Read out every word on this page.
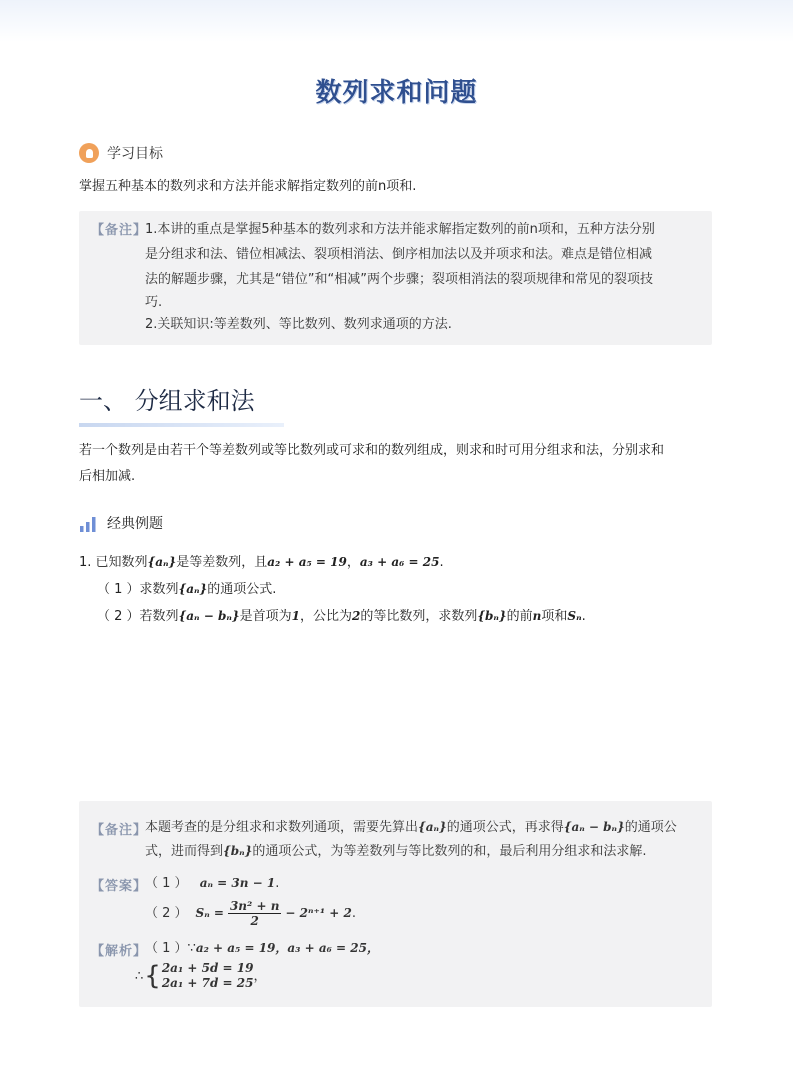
数列求和问题
学习目标
掌握五种基本的数列求和方法并能求解指定数列的前n项和.
【备注】
1.本讲的重点是掌握5种基本的数列求和方法并能求解指定数列的前n项和，五种方法分别
是分组求和法、错位相减法、裂项相消法、倒序相加法以及并项求和法。难点是错位相减
法的解题步骤，尤其是“错位”和“相减”两个步骤；裂项相消法的裂项规律和常见的裂项技
巧.
2.关联知识:等差数列、等比数列、数列求通项的方法.
一、 分组求和法
若一个数列是由若干个等差数列或等比数列或可求和的数列组成，则求和时可用分组求和法，分别求和
后相加减.
经典例题
1. 已知数列{aₙ}是等差数列，且a₂ + a₅ = 19，a₃ + a₆ = 25.
（ 1 ）求数列{aₙ}的通项公式.
（ 2 ）若数列{aₙ − bₙ}是首项为1，公比为2的等比数列，求数列{bₙ}的前n项和Sₙ.
【备注】
本题考查的是分组求和求数列通项，需要先算出{aₙ}的通项公式，再求得{aₙ − bₙ}的通项公
式，进而得到{bₙ}的通项公式，为等差数列与等比数列的和，最后利用分组求和法求解.
【答案】
（ 1 ） aₙ = 3n − 1.
（ 2 ） $S_n = \frac{\text{3n² + n}}{2} - 2^{n+1} + 2$ .
【解析】
（ 1 ）∵a₂ + a₅ = 19，a₃ + a₆ = 25，
∴ { 2a₁ + 5d = 19
2a₁ + 7d = 25 ，
